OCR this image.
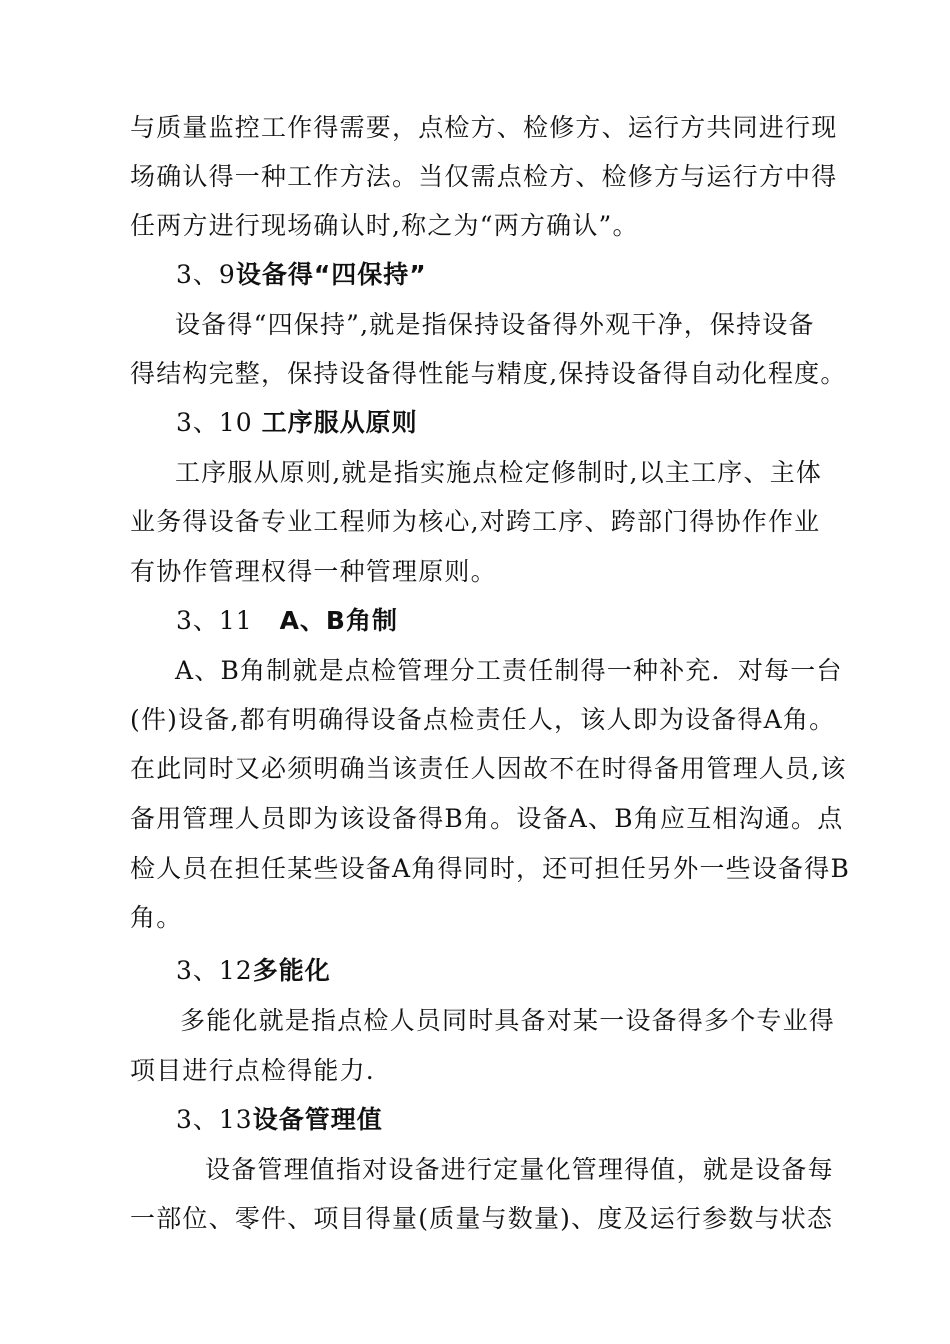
与质量监控工作得需要，点检方、检修方、运行方共同进行现
场确认得一种工作方法。当仅需点检方、检修方与运行方中得
任两方进行现场确认时,称之为“两方确认”。
3、9设备得“四保持”
设备得“四保持”,就是指保持设备得外观干净，保持设备
得结构完整，保持设备得性能与精度,保持设备得自动化程度。
3、10 工序服从原则
工序服从原则,就是指实施点检定修制时,以主工序、主体
业务得设备专业工程师为核心,对跨工序、跨部门得协作作业
有协作管理权得一种管理原则。
3、11   A、B角制
A、B角制就是点检管理分工责任制得一种补充．对每一台
(件)设备,都有明确得设备点检责任人，该人即为设备得A角。
在此同时又必须明确当该责任人因故不在时得备用管理人员,该
备用管理人员即为该设备得B角。设备A、B角应互相沟通。点
检人员在担任某些设备A角得同时，还可担任另外一些设备得B
角。
3、12多能化
多能化就是指点检人员同时具备对某一设备得多个专业得
项目进行点检得能力.
3、13设备管理值
设备管理值指对设备进行定量化管理得值，就是设备每
一部位、零件、项目得量(质量与数量)、度及运行参数与状态
